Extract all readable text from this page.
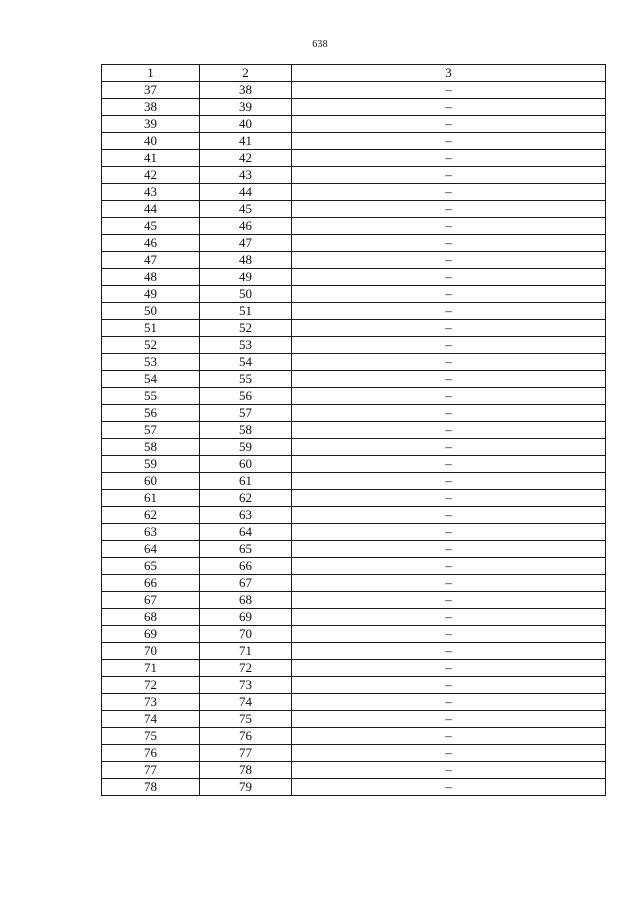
638
1	2	3
37	38	–
38	39	–
39	40	–
40	41	–
41	42	–
42	43	–
43	44	–
44	45	–
45	46	–
46	47	–
47	48	–
48	49	–
49	50	–
50	51	–
51	52	–
52	53	–
53	54	–
54	55	–
55	56	–
56	57	–
57	58	–
58	59	–
59	60	–
60	61	–
61	62	–
62	63	–
63	64	–
64	65	–
65	66	–
66	67	–
67	68	–
68	69	–
69	70	–
70	71	–
71	72	–
72	73	–
73	74	–
74	75	–
75	76	–
76	77	–
77	78	–
78	79	–
